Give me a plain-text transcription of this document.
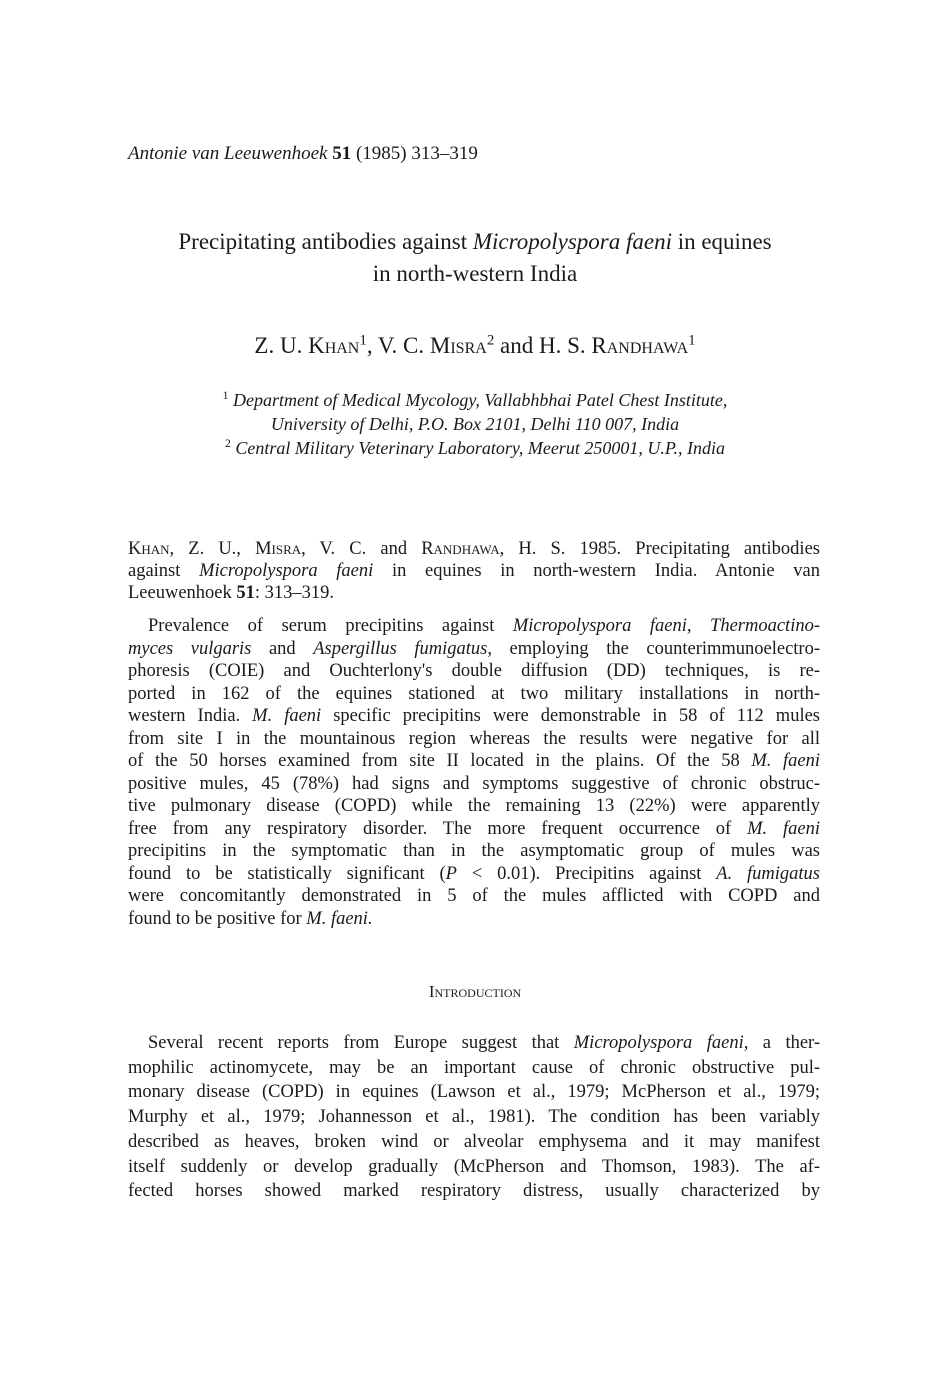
Antonie van Leeuwenhoek 51 (1985) 313–319
Precipitating antibodies against Micropolyspora faeni in equines
in north-western India
Z. U. Khan$^1$, V. C. Misra$^2$ and H. S. Randhawa$^1$
$^1$ Department of Medical Mycology, Vallabhbhai Patel Chest Institute,
University of Delhi, P.O. Box 2101, Delhi 110 007, India
$^2$ Central Military Veterinary Laboratory, Meerut 250001, U.P., India
Khan, Z. U., Misra, V. C. and Randhawa, H. S. 1985. Precipitating antibodies
against Micropolyspora faeni in equines in north-western India. Antonie van
Leeuwenhoek 51: 313–319.
Prevalence of serum precipitins against Micropolyspora faeni, Thermoactino-
myces vulgaris and Aspergillus fumigatus, employing the counterimmunoelectro-
phoresis (COIE) and Ouchterlony's double diffusion (DD) techniques, is re-
ported in 162 of the equines stationed at two military installations in north-
western India. M. faeni specific precipitins were demonstrable in 58 of 112 mules
from site I in the mountainous region whereas the results were negative for all
of the 50 horses examined from site II located in the plains. Of the 58 M. faeni
positive mules, 45 (78%) had signs and symptoms suggestive of chronic obstruc-
tive pulmonary disease (COPD) while the remaining 13 (22%) were apparently
free from any respiratory disorder. The more frequent occurrence of M. faeni
precipitins in the symptomatic than in the asymptomatic group of mules was
found to be statistically significant (P < 0.01). Precipitins against A. fumigatus
were concomitantly demonstrated in 5 of the mules afflicted with COPD and
found to be positive for M. faeni.
Introduction
Several recent reports from Europe suggest that Micropolyspora faeni, a ther-
mophilic actinomycete, may be an important cause of chronic obstructive pul-
monary disease (COPD) in equines (Lawson et al., 1979; McPherson et al., 1979;
Murphy et al., 1979; Johannesson et al., 1981). The condition has been variably
described as heaves, broken wind or alveolar emphysema and it may manifest
itself suddenly or develop gradually (McPherson and Thomson, 1983). The af-
fected horses showed marked respiratory distress, usually characterized by
